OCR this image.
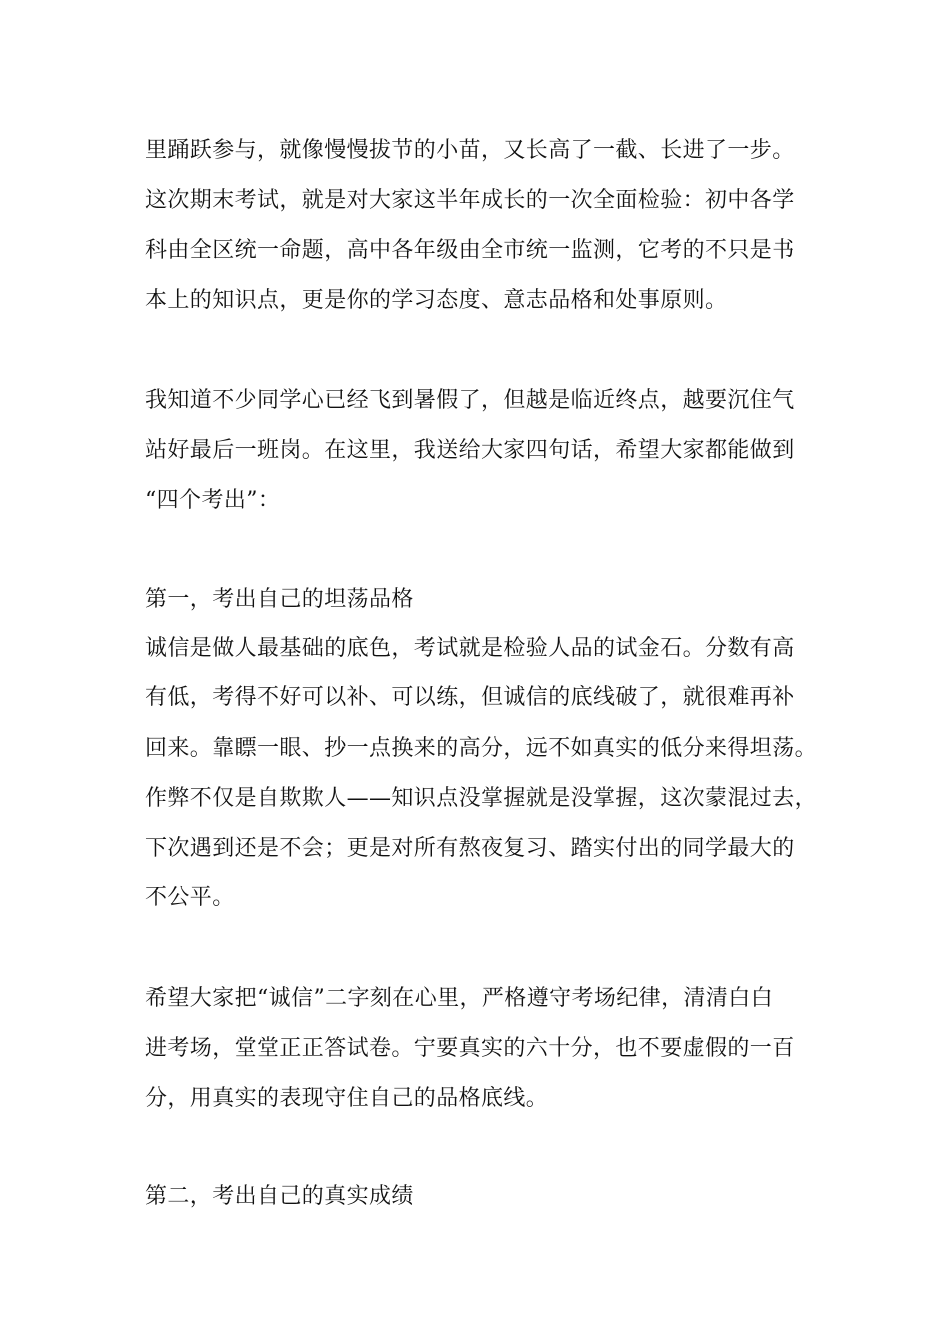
里踊跃参与，就像慢慢拔节的小苗，又长高了一截、长进了一步。
这次期末考试，就是对大家这半年成长的一次全面检验：初中各学
科由全区统一命题，高中各年级由全市统一监测，它考的不只是书
本上的知识点，更是你的学习态度、意志品格和处事原则。
我知道不少同学心已经飞到暑假了，但越是临近终点，越要沉住气
站好最后一班岗。在这里，我送给大家四句话，希望大家都能做到
“四个考出”：
第一，考出自己的坦荡品格
诚信是做人最基础的底色，考试就是检验人品的试金石。分数有高
有低，考得不好可以补、可以练，但诚信的底线破了，就很难再补
回来。靠瞟一眼、抄一点换来的高分，远不如真实的低分来得坦荡。
作弊不仅是自欺欺人——知识点没掌握就是没掌握，这次蒙混过去，
下次遇到还是不会；更是对所有熬夜复习、踏实付出的同学最大的
不公平。
希望大家把“诚信”二字刻在心里，严格遵守考场纪律，清清白白
进考场，堂堂正正答试卷。宁要真实的六十分，也不要虚假的一百
分，用真实的表现守住自己的品格底线。
第二，考出自己的真实成绩
